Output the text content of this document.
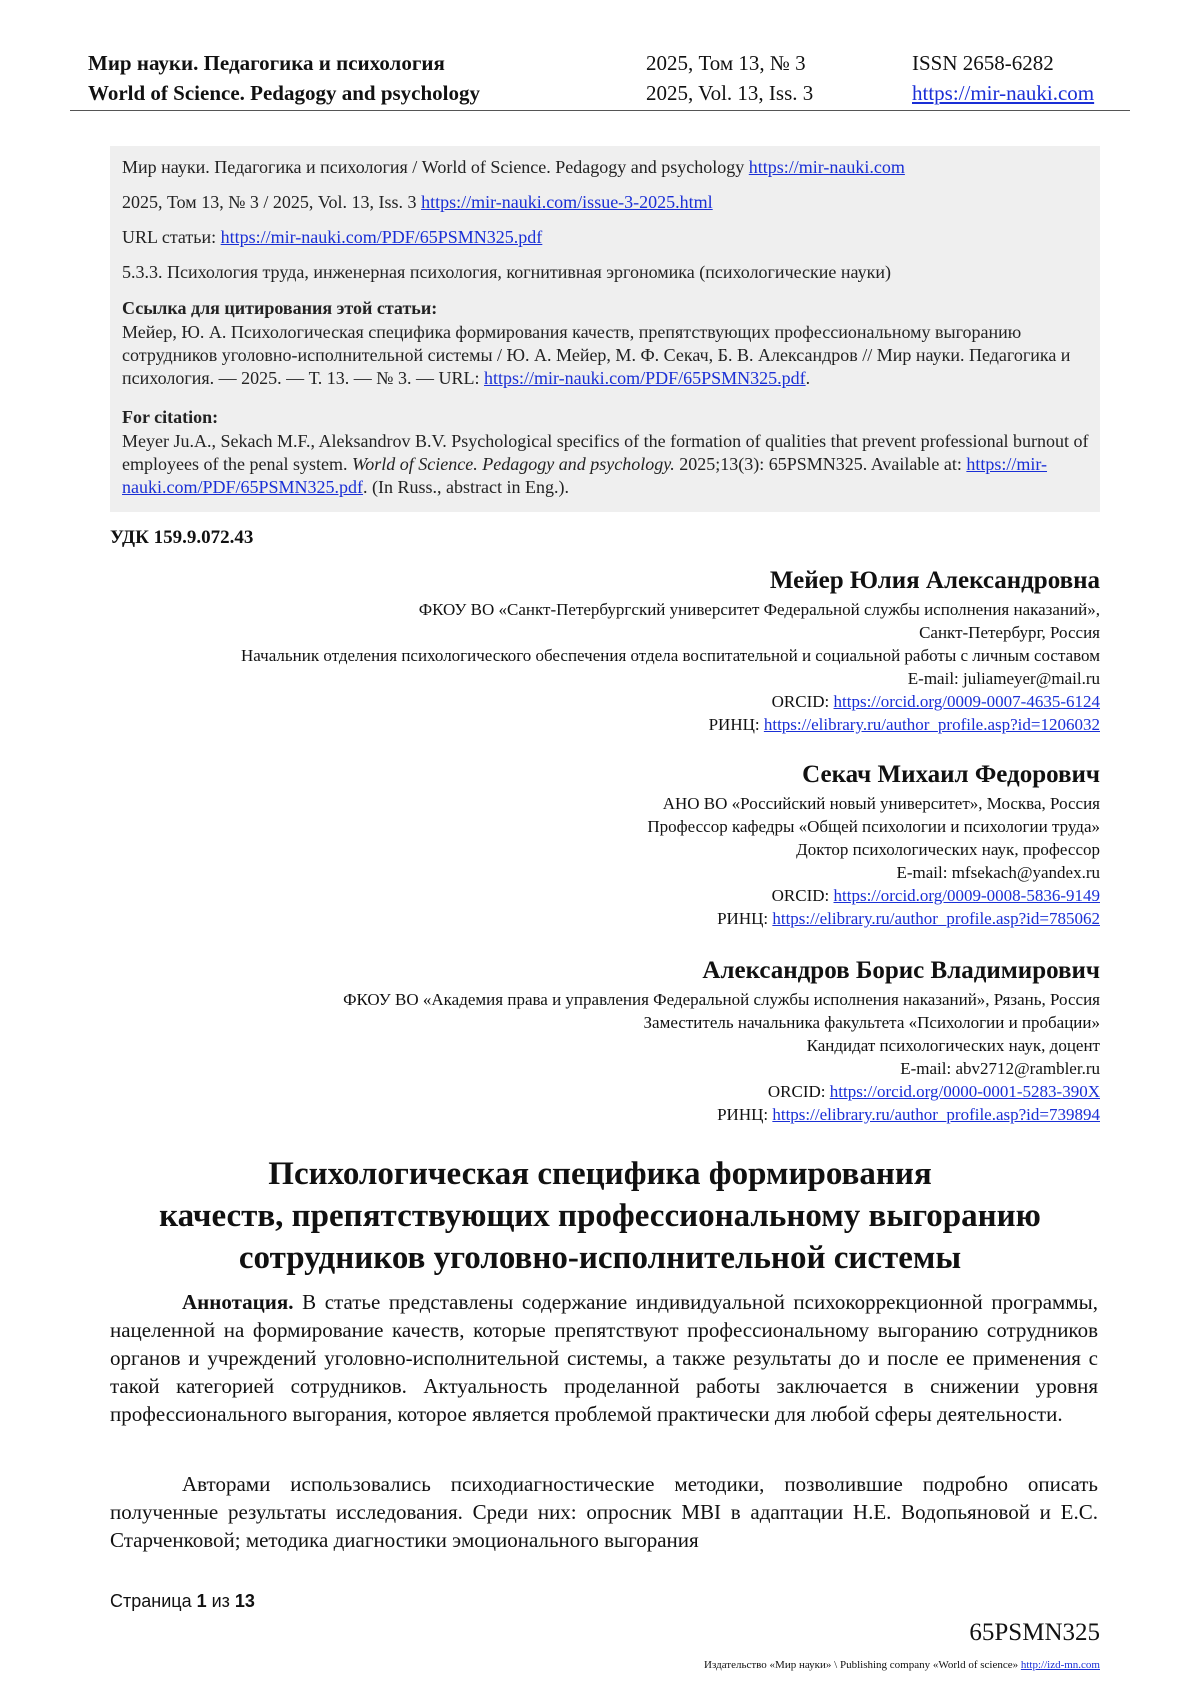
Мир науки. Педагогика и психология
World of Science. Pedagogy and psychology
2025, Том 13, № 3
2025, Vol. 13, Iss. 3
ISSN 2658-6282
https://mir-nauki.com
Мир науки. Педагогика и психология / World of Science. Pedagogy and psychology https://mir-nauki.com
2025, Том 13, № 3 / 2025, Vol. 13, Iss. 3 https://mir-nauki.com/issue-3-2025.html
URL статьи: https://mir-nauki.com/PDF/65PSMN325.pdf
5.3.3. Психология труда, инженерная психология, когнитивная эргономика (психологические науки)
Ссылка для цитирования этой статьи:
Мейер, Ю. А. Психологическая специфика формирования качеств, препятствующих профессиональному выгоранию сотрудников уголовно-исполнительной системы / Ю. А. Мейер, М. Ф. Секач, Б. В. Александров // Мир науки. Педагогика и психология. — 2025. — Т. 13. — № 3. — URL: https://mir-nauki.com/PDF/65PSMN325.pdf.
For citation:
Meyer Ju.A., Sekach M.F., Aleksandrov B.V. Psychological specifics of the formation of qualities that prevent professional burnout of employees of the penal system. World of Science. Pedagogy and psychology. 2025;13(3): 65PSMN325. Available at: https://mir-nauki.com/PDF/65PSMN325.pdf. (In Russ., abstract in Eng.).
УДК 159.9.072.43
Мейер Юлия Александровна
ФКОУ ВО «Санкт-Петербургский университет Федеральной службы исполнения наказаний»,
Санкт-Петербург, Россия
Начальник отделения психологического обеспечения отдела воспитательной и социальной работы с личным составом
E-mail: juliameyer@mail.ru
ORCID: https://orcid.org/0009-0007-4635-6124
РИНЦ: https://elibrary.ru/author_profile.asp?id=1206032
Секач Михаил Федорович
АНО ВО «Российский новый университет», Москва, Россия
Профессор кафедры «Общей психологии и психологии труда»
Доктор психологических наук, профессор
E-mail: mfsekach@yandex.ru
ORCID: https://orcid.org/0009-0008-5836-9149
РИНЦ: https://elibrary.ru/author_profile.asp?id=785062
Александров Борис Владимирович
ФКОУ ВО «Академия права и управления Федеральной службы исполнения наказаний», Рязань, Россия
Заместитель начальника факультета «Психологии и пробации»
Кандидат психологических наук, доцент
E-mail: abv2712@rambler.ru
ORCID: https://orcid.org/0000-0001-5283-390X
РИНЦ: https://elibrary.ru/author_profile.asp?id=739894
Психологическая специфика формирования
качеств, препятствующих профессиональному выгоранию
сотрудников уголовно-исполнительной системы
Аннотация. В статье представлены содержание индивидуальной психокоррекционной программы, нацеленной на формирование качеств, которые препятствуют профессиональному выгоранию сотрудников органов и учреждений уголовно-исполнительной системы, а также результаты до и после ее применения с такой категорией сотрудников. Актуальность проделанной работы заключается в снижении уровня профессионального выгорания, которое является проблемой практически для любой сферы деятельности.
Авторами использовались психодиагностические методики, позволившие подробно описать полученные результаты исследования. Среди них: опросник MBI в адаптации Н.Е. Водопьяновой и Е.С. Старченковой; методика диагностики эмоционального выгорания
Страница 1 из 13
65PSMN325
Издательство «Мир науки» \ Publishing company «World of science» http://izd-mn.com
